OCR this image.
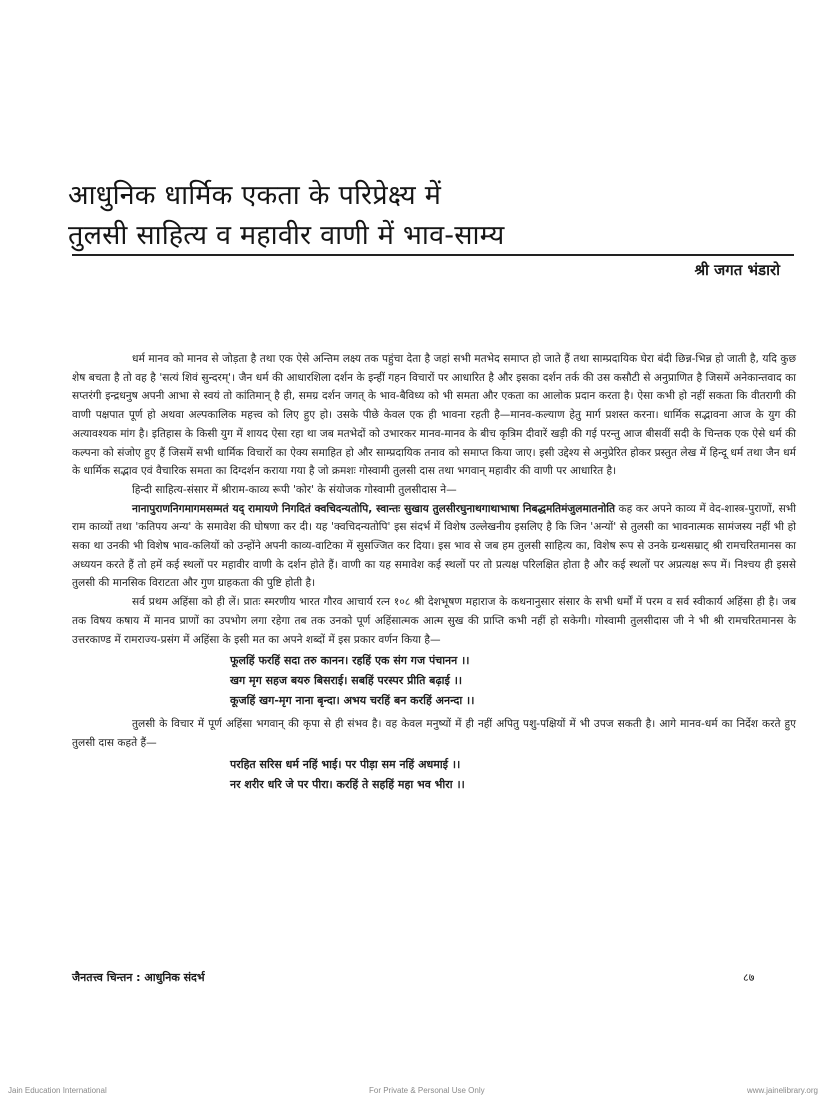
आधुनिक धार्मिक एकता के परिप्रेक्ष्य में
तुलसी साहित्य व महावीर वाणी में भाव-साम्य
श्री जगत भंडारो

धर्म मानव को मानव से जोड़ता है तथा एक ऐसे अन्तिम लक्ष्य तक पहुंचा देता है जहां सभी मतभेद समाप्त हो जाते हैं तथा साम्प्रदायिक घेरा बंदी छिन्न-भिन्न हो जाती है, यदि कुछ शेष बचता है तो वह है 'सत्यं शिवं सुन्दरम्'। जैन धर्म की आधारशिला दर्शन के इन्हीं गहन विचारों पर आधारित है और इसका दर्शन तर्क की उस कसौटी से अनुप्राणित है जिसमें अनेकान्तवाद का सप्तरंगी इन्द्रधनुष अपनी आभा से स्वयं तो कांतिमान् है ही, समग्र दर्शन जगत् के भाव-बैविध्य को भी समता और एकता का आलोक प्रदान करता है। ऐसा कभी हो नहीं सकता कि वीतरागी की वाणी पक्षपात पूर्ण हो अथवा अल्पकालिक महत्त्व को लिए हुए हो। उसके पीछे केवल एक ही भावना रहती है—मानव-कल्याण हेतु मार्ग प्रशस्त करना। धार्मिक सद्भावना आज के युग की अत्यावश्यक मांग है। इतिहास के किसी युग में शायद ऐसा रहा था जब मतभेदों को उभारकर मानव-मानव के बीच कृत्रिम दीवारें खड़ी की गई परन्तु आज बीसवीं सदी के चिन्तक एक ऐसे धर्म की कल्पना को संजोए हुए हैं जिसमें सभी धार्मिक विचारों का ऐक्य समाहित हो और साम्प्रदायिक तनाव को समाप्त किया जाए। इसी उद्देश्य से अनुप्रेरित होकर प्रस्तुत लेख में हिन्दू धर्म तथा जैन धर्म के धार्मिक सद्भाव एवं वैचारिक समता का दिग्दर्शन कराया गया है जो क्रमशः गोस्वामी तुलसी दास तथा भगवान् महावीर की वाणी पर आधारित है।

हिन्दी साहित्य-संसार में श्रीराम-काव्य रूपी 'कोर' के संयोजक गोस्वामी तुलसीदास ने—

नानापुराणनिगमागमसम्मतं यद् रामायणे निगदितं क्वचिदन्यतोपि, स्वान्तः सुखाय तुलसीरघुनाथगाथाभाषा निबद्धमतिमंजुलमातनोति कह कर अपने काव्य में वेद-शास्त्र-पुराणों, सभी राम काव्यों तथा 'कतिपय अन्य' के समावेश की घोषणा कर दी। यह 'क्वचिदन्यतोपि' इस संदर्भ में विशेष उल्लेखनीय इसलिए है कि जिन 'अन्यों' से तुलसी का भावनात्मक सामंजस्य नहीं भी हो सका था उनकी भी विशेष भाव-कलियों को उन्होंने अपनी काव्य-वाटिका में सुसज्जित कर दिया। इस भाव से जब हम तुलसी साहित्य का, विशेष रूप से उनके ग्रन्थसम्राट् श्री रामचरितमानस का अध्ययन करते हैं तो हमें कई स्थलों पर महावीर वाणी के दर्शन होते हैं। वाणी का यह समावेश कई स्थलों पर तो प्रत्यक्ष परिलक्षित होता है और कई स्थलों पर अप्रत्यक्ष रूप में। निश्चय ही इससे तुलसी की मानसिक विराटता और गुण ग्राहकता की पुष्टि होती है।

सर्व प्रथम अहिंसा को ही लें। प्रातः स्मरणीय भारत गौरव आचार्य रत्न १०८ श्री देशभूषण महाराज के कथनानुसार संसार के सभी धर्मों में परम व सर्व स्वीकार्य अहिंसा ही है। जब तक विषय कषाय में मानव प्राणों का उपभोग लगा रहेगा तब तक उनको पूर्ण अहिंसात्मक आत्म सुख की प्राप्ति कभी नहीं हो सकेगी। गोस्वामी तुलसीदास जी ने भी श्री रामचरितमानस के उत्तरकाण्ड में रामराज्य-प्रसंग में अहिंसा के इसी मत का अपने शब्दों में इस प्रकार वर्णन किया है—

फूलहिं फरहिं सदा तरु कानन। रहहिं एक संग गज पंचानन ।।
खग मृग सहज बयरु बिसराई। सबहिं परस्पर प्रीति बढ़ाई ।।
कूजहिं खग-मृग नाना बृन्दा। अभय चरहिं बन करहिं अनन्दा ।।

तुलसी के विचार में पूर्ण अहिंसा भगवान् की कृपा से ही संभव है। वह केवल मनुष्यों में ही नहीं अपितु पशु-पक्षियों में भी उपज सकती है। आगे मानव-धर्म का निर्देश करते हुए तुलसी दास कहते हैं—

परहित सरिस धर्म नहिं भाई। पर पीड़ा सम नहिं अधमाई ।।
नर शरीर धरि जे पर पीरा। करहिं ते सहहिं महा भव भीरा ।।
जैनतत्त्व चिन्तन : आधुनिक संदर्भ	८७
Jain Education International	For Private & Personal Use Only	www.jainelibrary.org
